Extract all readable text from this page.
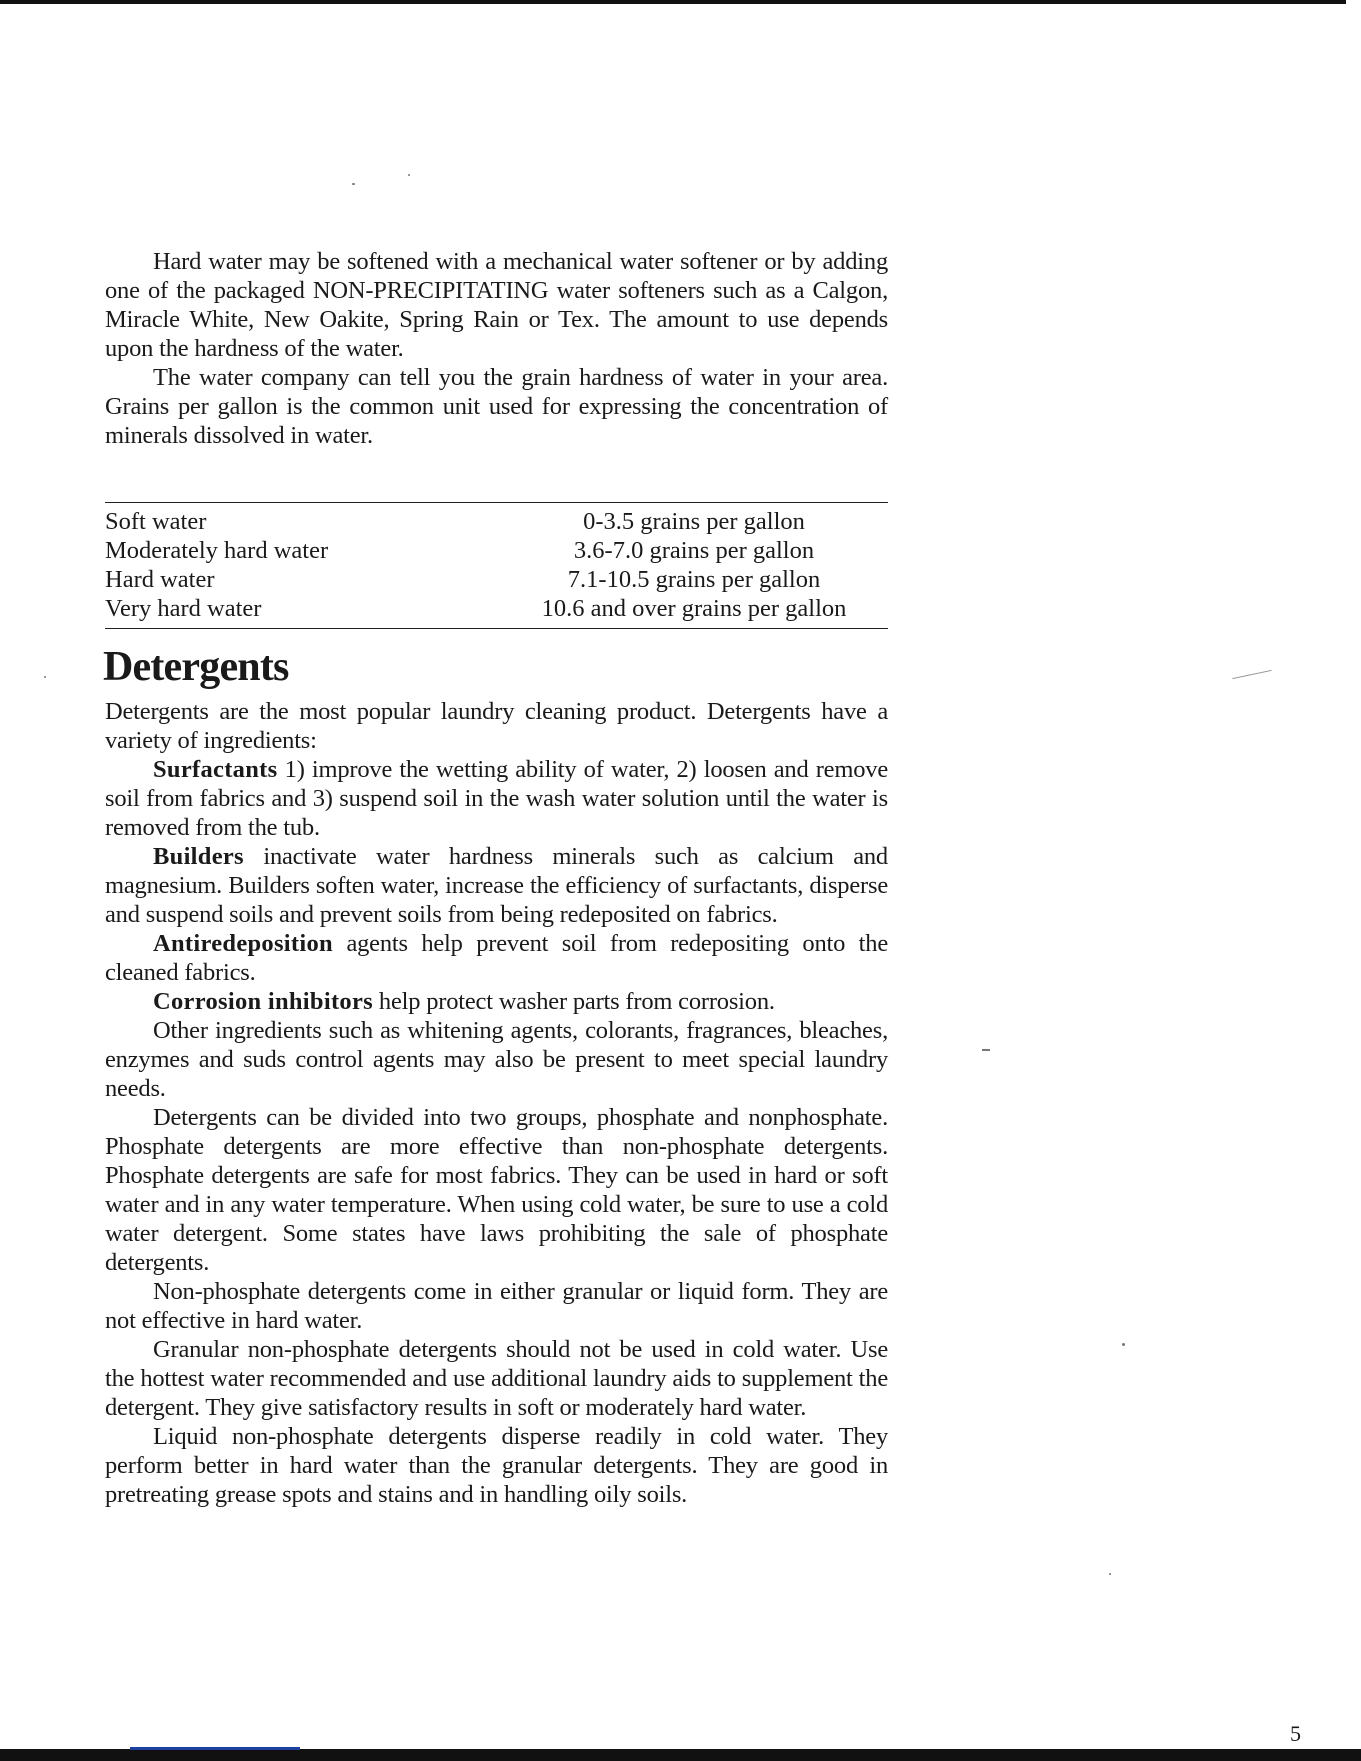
Hard water may be softened with a mechanical water softener or by adding one of the packaged NON-PRECIPITATING water softeners such as a Calgon, Miracle White, New Oakite, Spring Rain or Tex. The amount to use depends upon the hardness of the water.

The water company can tell you the grain hardness of water in your area. Grains per gallon is the common unit used for expressing the concentration of minerals dissolved in water.

Soft water	0-3.5 grains per gallon
Moderately hard water	3.6-7.0 grains per gallon
Hard water	7.1-10.5 grains per gallon
Very hard water	10.6 and over grains per gallon
Detergents

Detergents are the most popular laundry cleaning product. Detergents have a variety of ingredients:

Surfactants 1) improve the wetting ability of water, 2) loosen and remove soil from fabrics and 3) suspend soil in the wash water solution until the water is removed from the tub.

Builders inactivate water hardness minerals such as calcium and magnesium. Builders soften water, increase the efficiency of surfactants, disperse and suspend soils and prevent soils from being redeposited on fabrics.

Antiredeposition agents help prevent soil from redepositing onto the cleaned fabrics.

Corrosion inhibitors help protect washer parts from corrosion.

Other ingredients such as whitening agents, colorants, fragrances, bleaches, enzymes and suds control agents may also be present to meet special laundry needs.

Detergents can be divided into two groups, phosphate and nonphosphate. Phosphate detergents are more effective than non-phosphate detergents. Phosphate detergents are safe for most fabrics. They can be used in hard or soft water and in any water temperature. When using cold water, be sure to use a cold water detergent. Some states have laws prohibiting the sale of phosphate detergents.

Non-phosphate detergents come in either granular or liquid form. They are not effective in hard water.

Granular non-phosphate detergents should not be used in cold water. Use the hottest water recommended and use additional laundry aids to supplement the detergent. They give satisfactory results in soft or moderately hard water.

Liquid non-phosphate detergents disperse readily in cold water. They perform better in hard water than the granular detergents. They are good in pretreating grease spots and stains and in handling oily soils.

5
